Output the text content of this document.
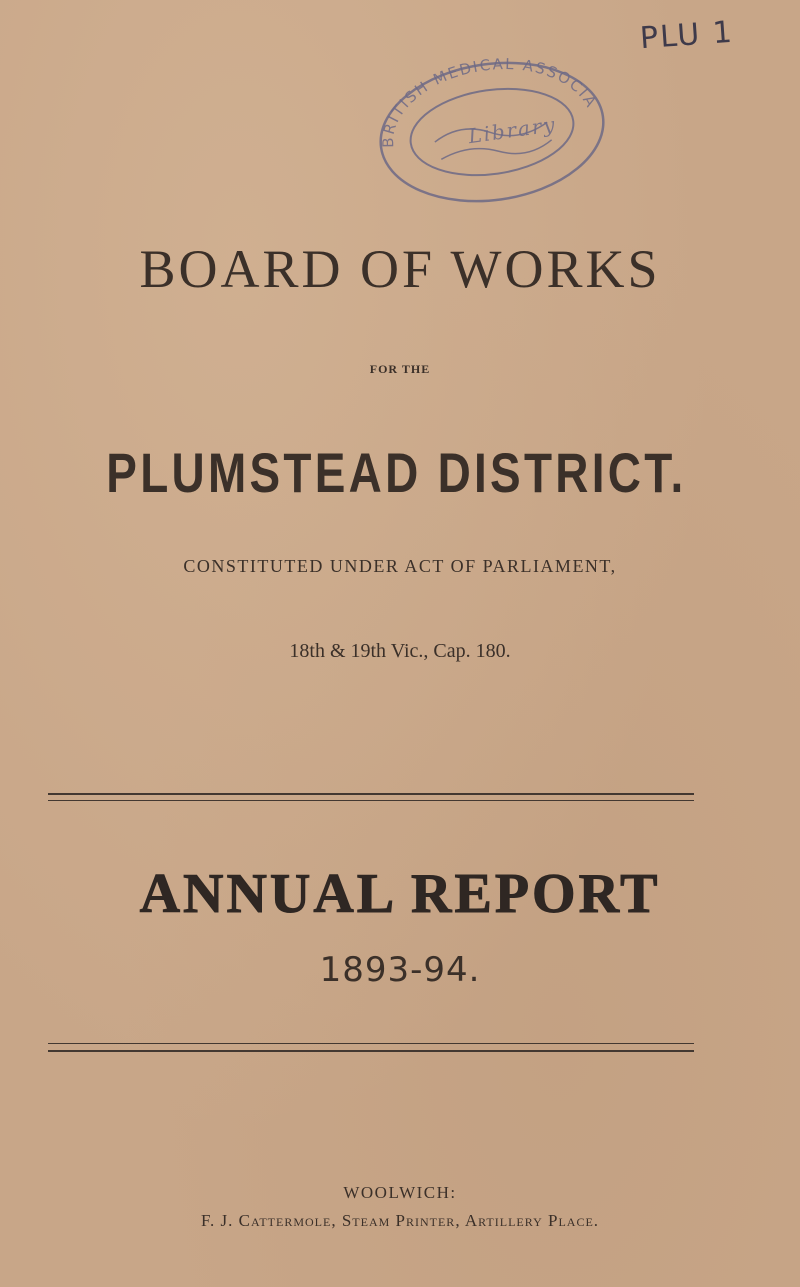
PLU 1
BRITISH MEDICAL ASSOCIATION
Library
BOARD OF WORKS
FOR THE
PLUMSTEAD DISTRICT.
CONSTITUTED UNDER ACT OF PARLIAMENT,
18th & 19th Vic., Cap. 180.
ANNUAL REPORT
1893-94.
WOOLWICH:
F. J. Cattermole, Steam Printer, Artillery Place.
